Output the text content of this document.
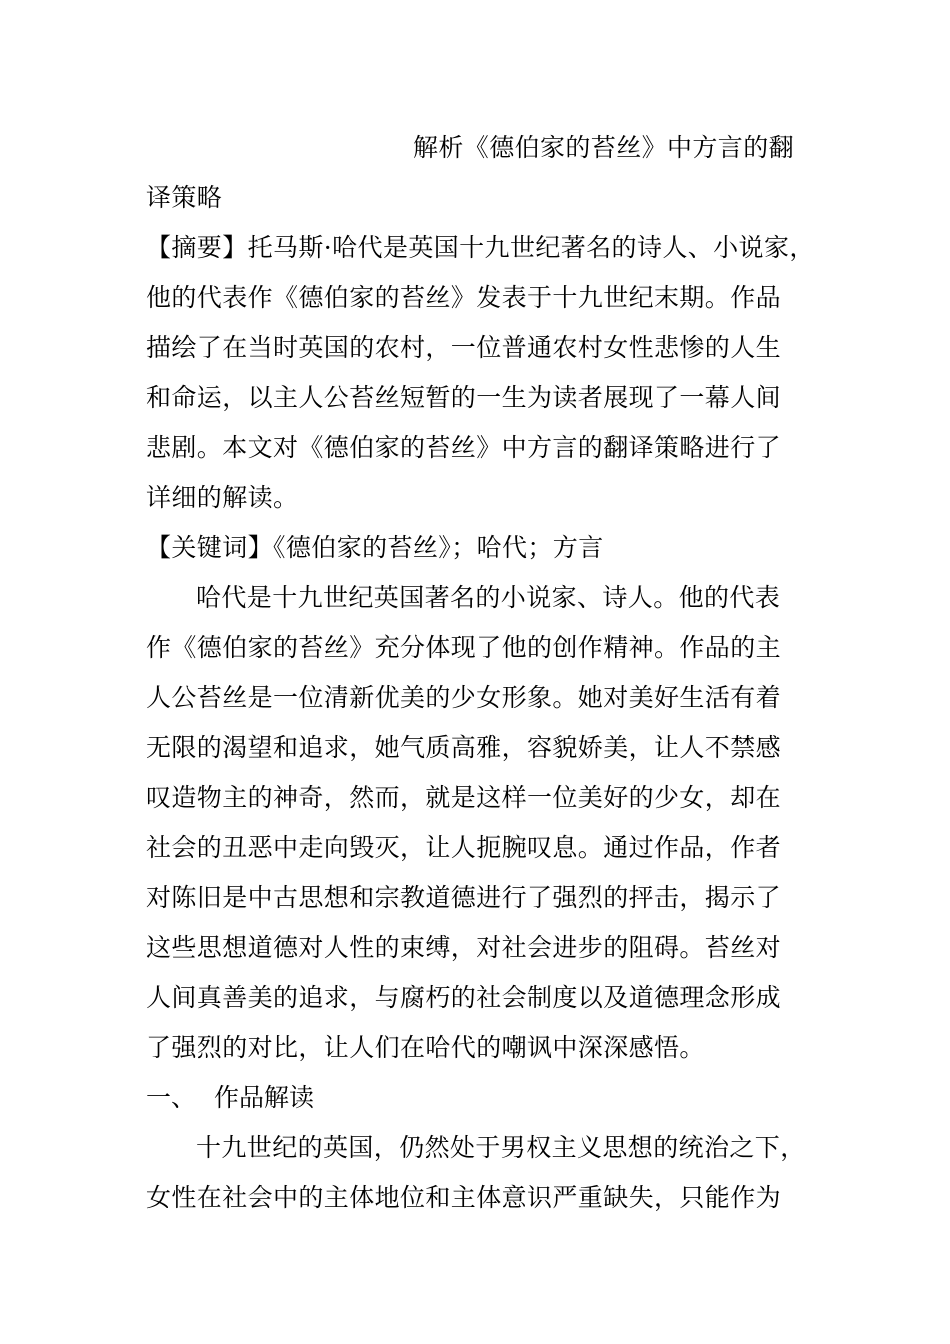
解析《德伯家的苔丝》中方言的翻
译策略
【摘要】托马斯·哈代是英国十九世纪著名的诗人、小说家，
他的代表作《德伯家的苔丝》发表于十九世纪末期。作品
描绘了在当时英国的农村，一位普通农村女性悲惨的人生
和命运，以主人公苔丝短暂的一生为读者展现了一幕人间
悲剧。本文对《德伯家的苔丝》中方言的翻译策略进行了
详细的解读。
【关键词】《德伯家的苔丝》；哈代；方言
哈代是十九世纪英国著名的小说家、诗人。他的代表
作《德伯家的苔丝》充分体现了他的创作精神。作品的主
人公苔丝是一位清新优美的少女形象。她对美好生活有着
无限的渴望和追求，她气质高雅，容貌娇美，让人不禁感
叹造物主的神奇，然而，就是这样一位美好的少女，却在
社会的丑恶中走向毁灭，让人扼腕叹息。通过作品，作者
对陈旧是中古思想和宗教道德进行了强烈的抨击，揭示了
这些思想道德对人性的束缚，对社会进步的阻碍。苔丝对
人间真善美的追求，与腐朽的社会制度以及道德理念形成
了强烈的对比，让人们在哈代的嘲讽中深深感悟。
一、 作品解读
十九世纪的英国，仍然处于男权主义思想的统治之下，
女性在社会中的主体地位和主体意识严重缺失，只能作为
